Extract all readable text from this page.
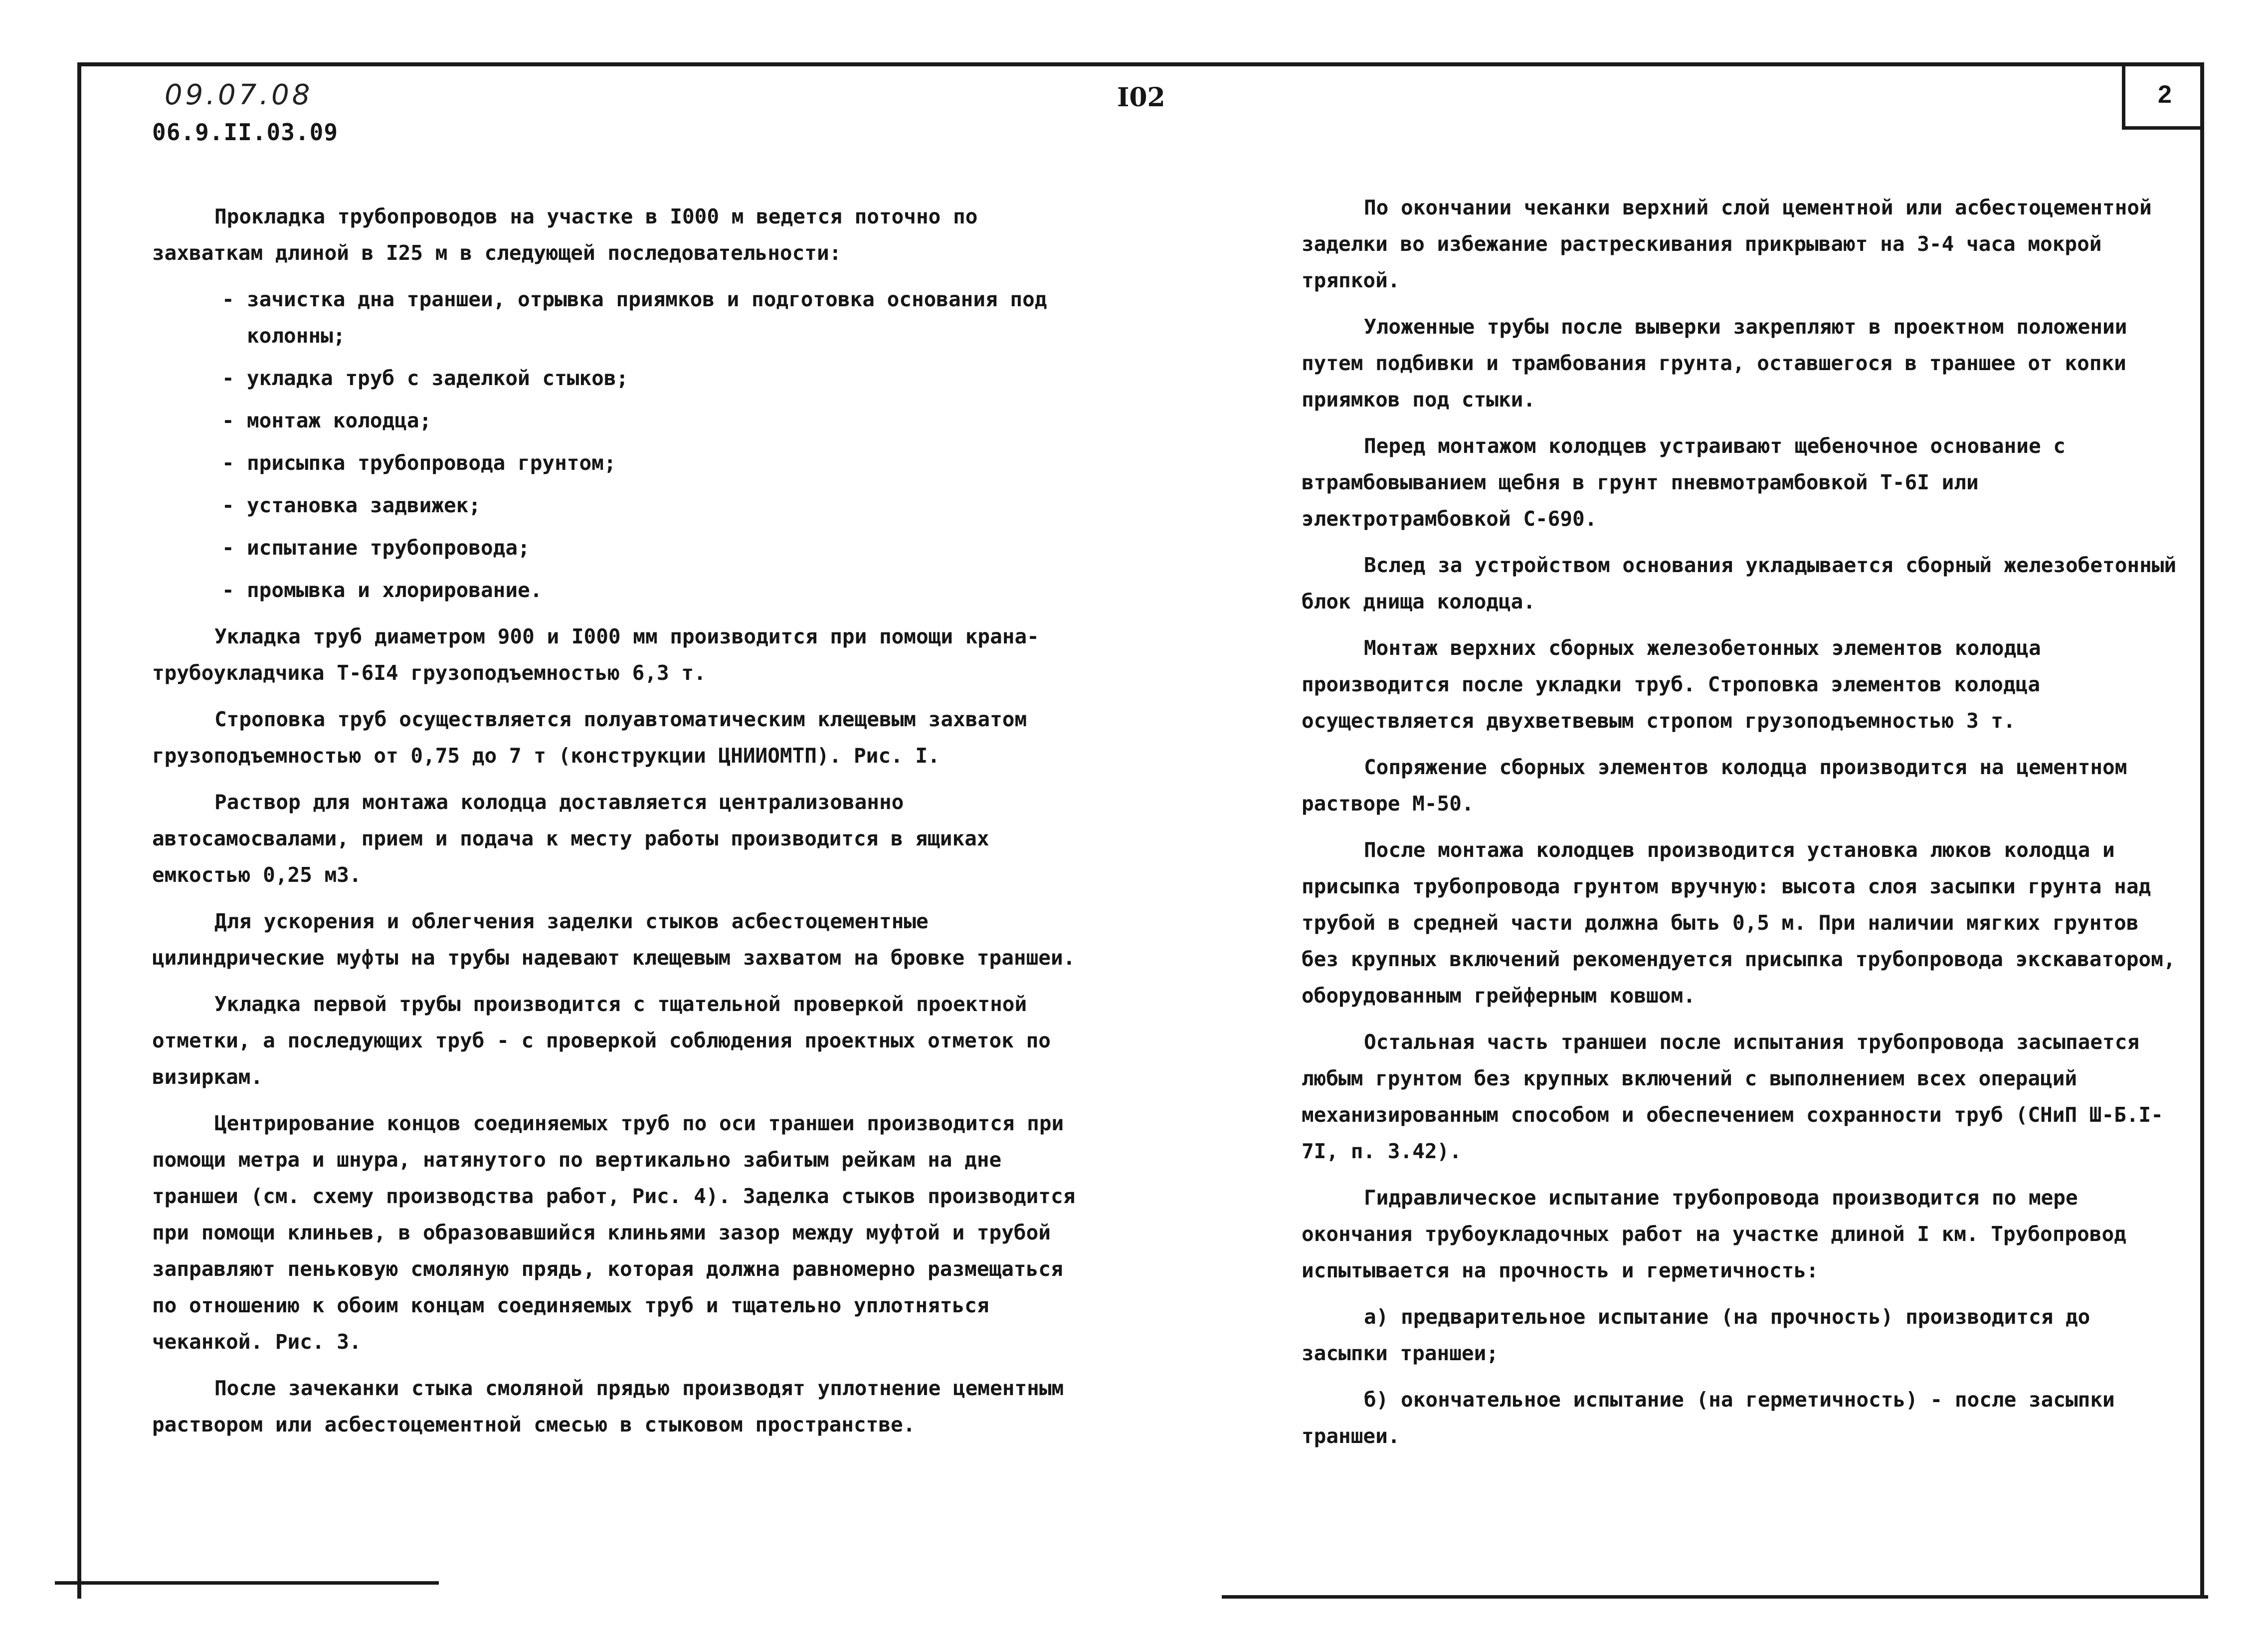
2
09.07.08
06.9.II.03.09
I02

Прокладка трубопроводов на участке в I000 м ведется поточно по захваткам длиной в I25 м в следующей последовательности:

- зачистка дна траншеи, отрывка приямков и подготовка основания под колонны;
- укладка труб с заделкой стыков;
- монтаж колодца;
- присыпка трубопровода грунтом;
- установка задвижек;
- испытание трубопровода;
- промывка и хлорирование.

Укладка труб диаметром 900 и I000 мм производится при помощи крана-трубоукладчика Т-6I4 грузоподъемностью 6,3 т.

Строповка труб осуществляется полуавтоматическим клещевым захватом грузоподъемностью от 0,75 до 7 т (конструкции ЦНИИОМТП). Рис. I.

Раствор для монтажа колодца доставляется централизованно автосамосвалами, прием и подача к месту работы производится в ящиках емкостью 0,25 м3.

Для ускорения и облегчения заделки стыков асбестоцементные цилиндрические муфты на трубы надевают клещевым захватом на бровке траншеи.

Укладка первой трубы производится с тщательной проверкой проектной отметки, а последующих труб - с проверкой соблюдения проектных отметок по визиркам.

Центрирование концов соединяемых труб по оси траншеи производится при помощи метра и шнура, натянутого по вертикально забитым рейкам на дне траншеи (см. схему производства работ, Рис. 4). Заделка стыков производится при помощи клиньев, в образовавшийся клиньями зазор между муфтой и трубой заправляют пеньковую смоляную прядь, которая должна равномерно размещаться по отношению к обоим концам соединяемых труб и тщательно уплотняться чеканкой. Рис. 3.

После зачеканки стыка смоляной прядью производят уплотнение цементным раствором или асбестоцементной смесью в стыковом пространстве.

По окончании чеканки верхний слой цементной или асбестоцементной заделки во избежание растрескивания прикрывают на 3-4 часа мокрой тряпкой.

Уложенные трубы после выверки закрепляют в проектном положении путем подбивки и трамбования грунта, оставшегося в траншее от копки приямков под стыки.

Перед монтажом колодцев устраивают щебеночное основание с втрамбовыванием щебня в грунт пневмотрамбовкой Т-6I или электротрамбовкой С-690.

Вслед за устройством основания укладывается сборный железобетонный блок днища колодца.

Монтаж верхних сборных железобетонных элементов колодца производится после укладки труб. Строповка элементов колодца осуществляется двухветвевым стропом грузоподъемностью 3 т.

Сопряжение сборных элементов колодца производится на цементном растворе М-50.

После монтажа колодцев производится установка люков колодца и присыпка трубопровода грунтом вручную: высота слоя засыпки грунта над трубой в средней части должна быть 0,5 м. При наличии мягких грунтов без крупных включений рекомендуется присыпка трубопровода экскаватором, оборудованным грейферным ковшом.

Остальная часть траншеи после испытания трубопровода засыпается любым грунтом без крупных включений с выполнением всех операций механизированным способом и обеспечением сохранности труб (СНиП Ш-Б.I-7I, п. 3.42).

Гидравлическое испытание трубопровода производится по мере окончания трубоукладочных работ на участке длиной I км. Трубопровод испытывается на прочность и герметичность:

а) предварительное испытание (на прочность) производится до засыпки траншеи;

б) окончательное испытание (на герметичность) - после засыпки траншеи.
